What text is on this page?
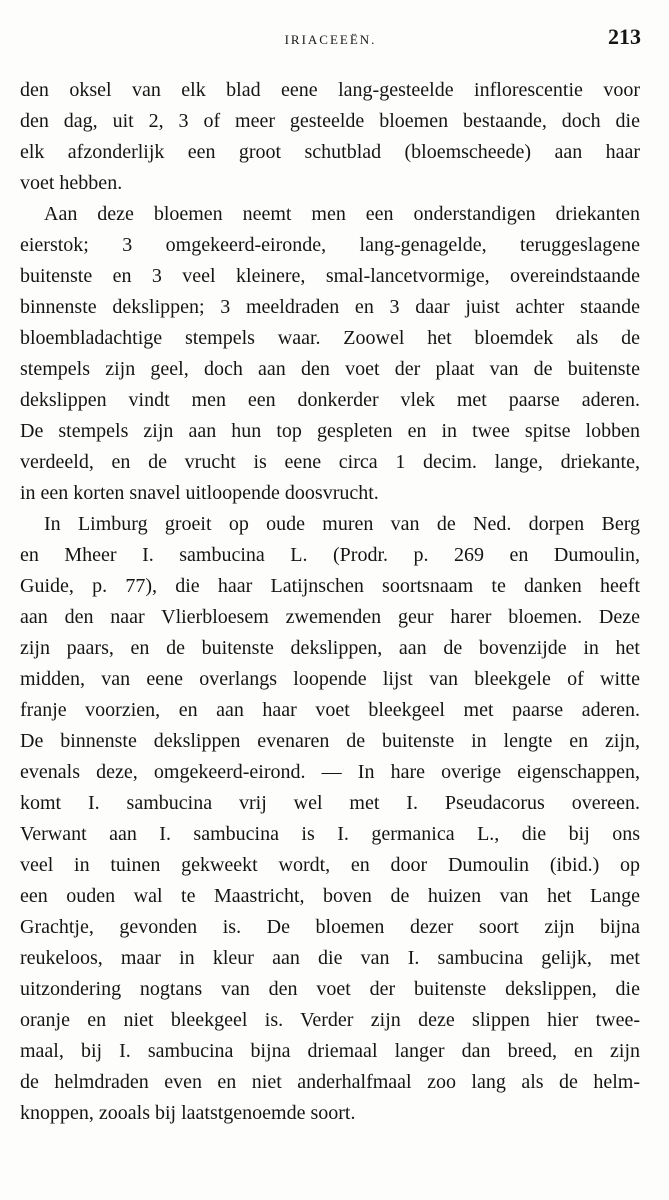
IRIACEEËN.	213
den oksel van elk blad eene lang-gesteelde inflorescentie voor
den dag, uit 2, 3 of meer gesteelde bloemen bestaande, doch die
elk afzonderlijk een groot schutblad (bloemscheede) aan haar
voet hebben.
Aan deze bloemen neemt men een onderstandigen driekanten
eierstok; 3 omgekeerd-eironde, lang-genagelde, teruggeslagene
buitenste en 3 veel kleinere, smal-lancetvormige, overeindstaande
binnenste dekslippen; 3 meeldraden en 3 daar juist achter staande
bloembladachtige stempels waar. Zoowel het bloemdek als de
stempels zijn geel, doch aan den voet der plaat van de buitenste
dekslippen vindt men een donkerder vlek met paarse aderen.
De stempels zijn aan hun top gespleten en in twee spitse lobben
verdeeld, en de vrucht is eene circa 1 decim. lange, driekante,
in een korten snavel uitloopende doosvrucht.
In Limburg groeit op oude muren van de Ned. dorpen Berg
en Mheer I. sambucina L. (Prodr. p. 269 en Dumoulin,
Guide, p. 77), die haar Latijnschen soortsnaam te danken heeft
aan den naar Vlierbloesem zwemenden geur harer bloemen. Deze
zijn paars, en de buitenste dekslippen, aan de bovenzijde in het
midden, van eene overlangs loopende lijst van bleekgele of witte
franje voorzien, en aan haar voet bleekgeel met paarse aderen.
De binnenste dekslippen evenaren de buitenste in lengte en zijn,
evenals deze, omgekeerd-eirond. — In hare overige eigenschappen,
komt I. sambucina vrij wel met I. Pseudacorus overeen.
Verwant aan I. sambucina is I. germanica L., die bij ons
veel in tuinen gekweekt wordt, en door Dumoulin (ibid.) op
een ouden wal te Maastricht, boven de huizen van het Lange
Grachtje, gevonden is. De bloemen dezer soort zijn bijna
reukeloos, maar in kleur aan die van I. sambucina gelijk, met
uitzondering nogtans van den voet der buitenste dekslippen, die
oranje en niet bleekgeel is. Verder zijn deze slippen hier twee-
maal, bij I. sambucina bijna driemaal langer dan breed, en zijn
de helmdraden even en niet anderhalfmaal zoo lang als de helm-
knoppen, zooals bij laatstgenoemde soort.
